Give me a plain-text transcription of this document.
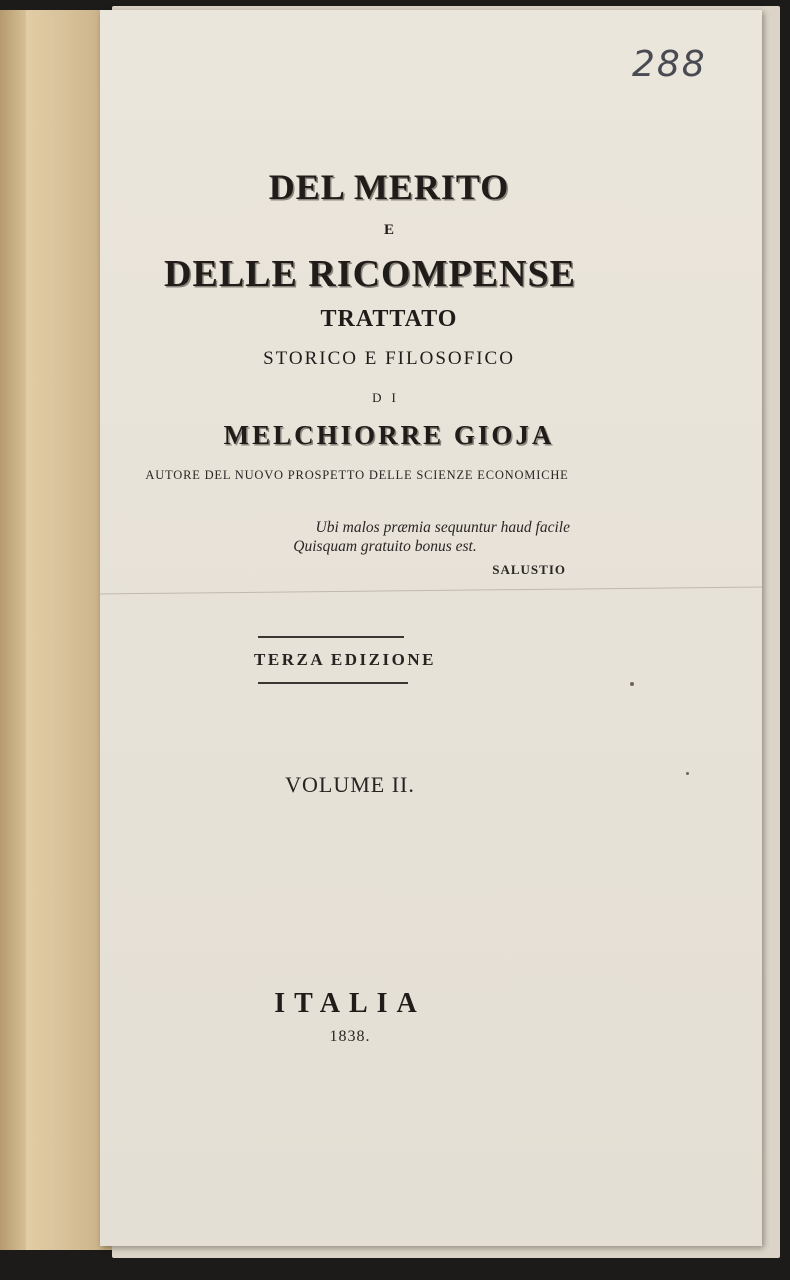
288
DEL MERITO
E
DELLE RICOMPENSE
TRATTATO
STORICO E FILOSOFICO
DI
MELCHIORRE GIOJA
AUTORE DEL NUOVO PROSPETTO DELLE SCIENZE ECONOMICHE
Ubi malos præmia sequuntur haud facile
Quisquam gratuito bonus est.
SALUSTIO
TERZA EDIZIONE
VOLUME II.
ITALIA
1838.
